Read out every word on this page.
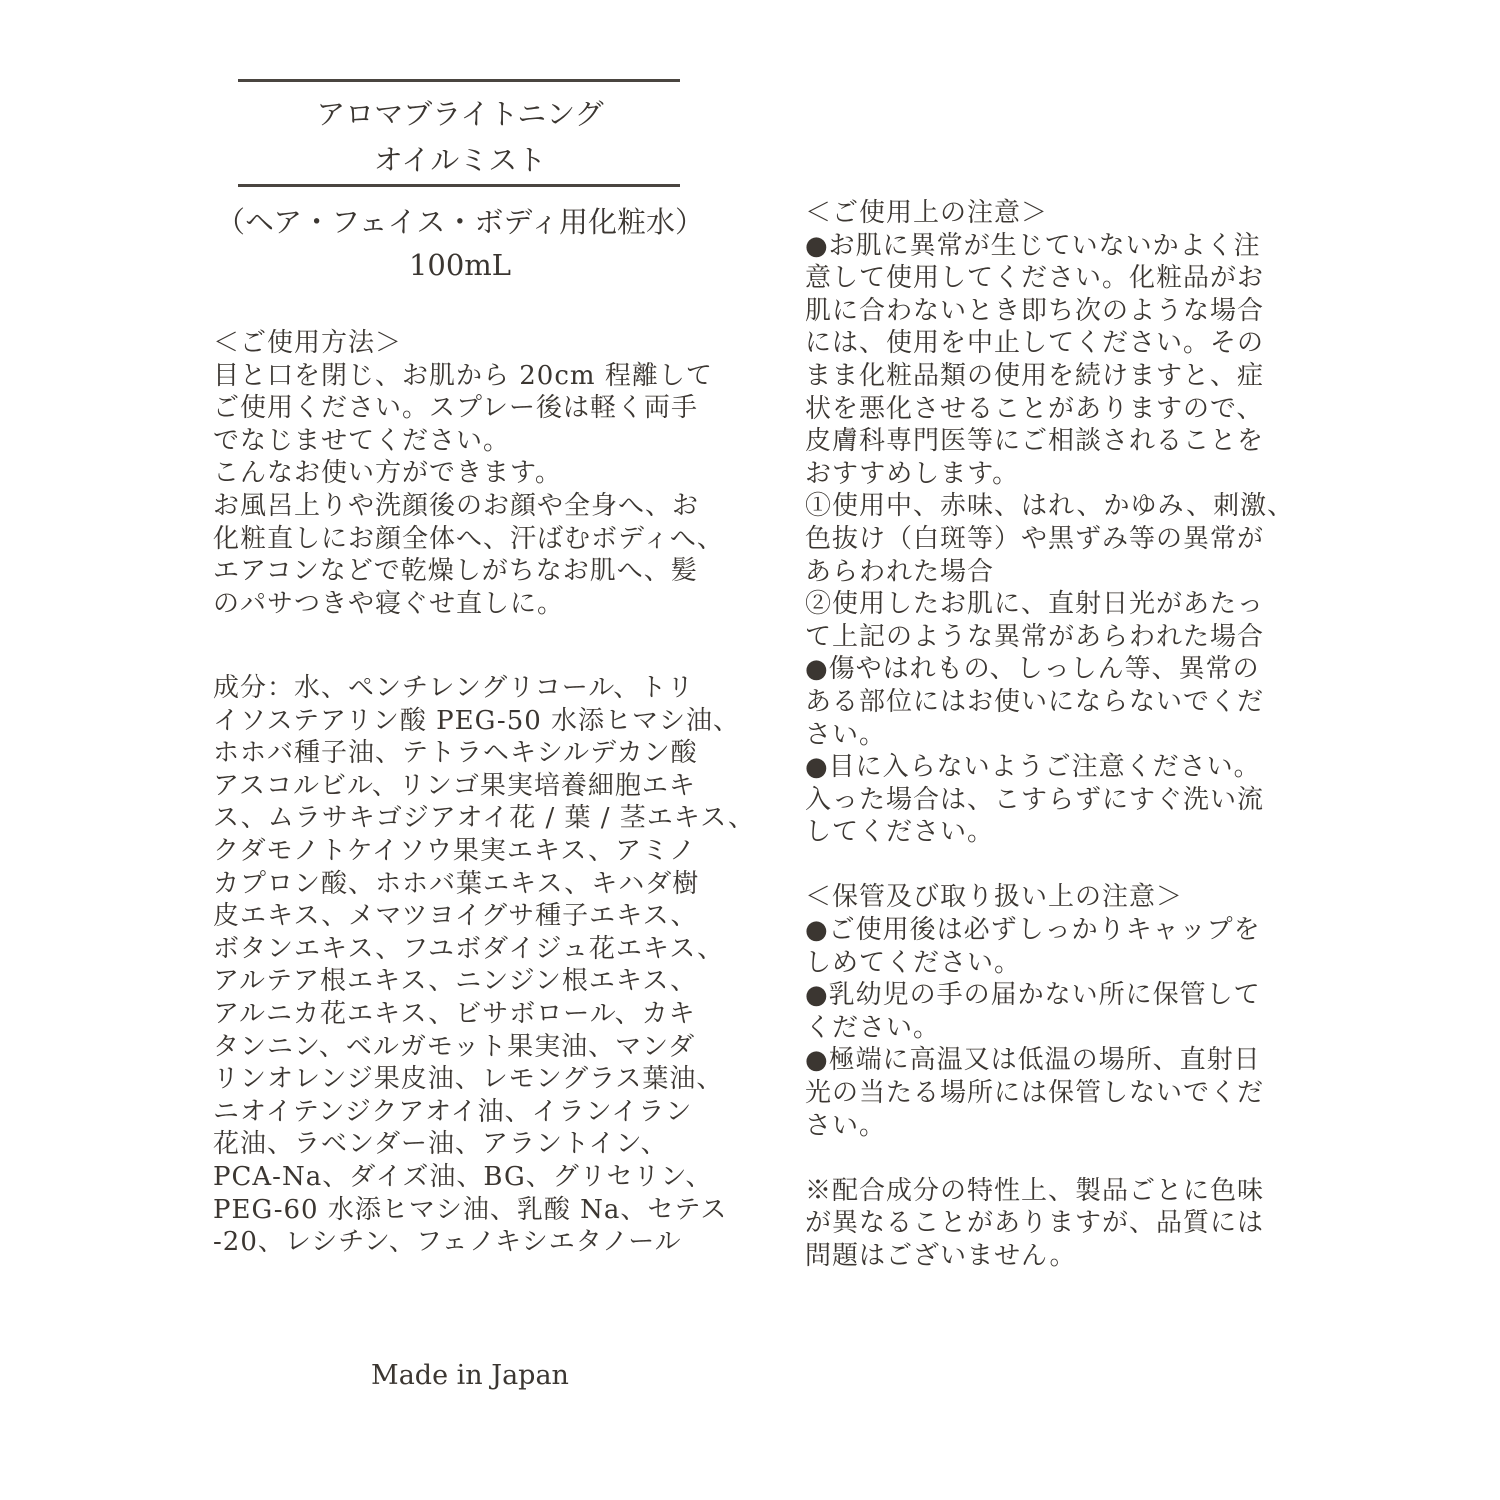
アロマブライトニング
オイルミスト
（ヘア・フェイス・ボディ用化粧水）
100mL
＜ご使用方法＞
目と口を閉じ、お肌から 20cm 程離して
ご使用ください。スプレー後は軽く両手
でなじませてください。
こんなお使い方ができます。
お風呂上りや洗顔後のお顔や全身へ、お
化粧直しにお顔全体へ、汗ばむボディへ、
エアコンなどで乾燥しがちなお肌へ、髪
のパサつきや寝ぐせ直しに。
成分：水、ペンチレングリコール、トリ
イソステアリン酸 PEG-50 水添ヒマシ油、
ホホバ種子油、テトラヘキシルデカン酸
アスコルビル、リンゴ果実培養細胞エキ
ス、ムラサキゴジアオイ花 / 葉 / 茎エキス、
クダモノトケイソウ果実エキス、アミノ
カプロン酸、ホホバ葉エキス、キハダ樹
皮エキス、メマツヨイグサ種子エキス、
ボタンエキス、フユボダイジュ花エキス、
アルテア根エキス、ニンジン根エキス、
アルニカ花エキス、ビサボロール、カキ
タンニン、ベルガモット果実油、マンダ
リンオレンジ果皮油、レモングラス葉油、
ニオイテンジクアオイ油、イランイラン
花油、ラベンダー油、アラントイン、
PCA-Na、ダイズ油、BG、グリセリン、
PEG-60 水添ヒマシ油、乳酸 Na、セテス
-20、レシチン、フェノキシエタノール
Made in Japan
＜ご使用上の注意＞
●お肌に異常が生じていないかよく注
意して使用してください。化粧品がお
肌に合わないとき即ち次のような場合
には、使用を中止してください。その
まま化粧品類の使用を続けますと、症
状を悪化させることがありますので、
皮膚科専門医等にご相談されることを
おすすめします。
①使用中、赤味、はれ、かゆみ、刺激、
色抜け（白斑等）や黒ずみ等の異常が
あらわれた場合
②使用したお肌に、直射日光があたっ
て上記のような異常があらわれた場合
●傷やはれもの、しっしん等、異常の
ある部位にはお使いにならないでくだ
さい。
●目に入らないようご注意ください。
入った場合は、こすらずにすぐ洗い流
してください。
＜保管及び取り扱い上の注意＞
●ご使用後は必ずしっかりキャップを
しめてください。
●乳幼児の手の届かない所に保管して
ください。
●極端に高温又は低温の場所、直射日
光の当たる場所には保管しないでくだ
さい。
※配合成分の特性上、製品ごとに色味
が異なることがありますが、品質には
問題はございません。
